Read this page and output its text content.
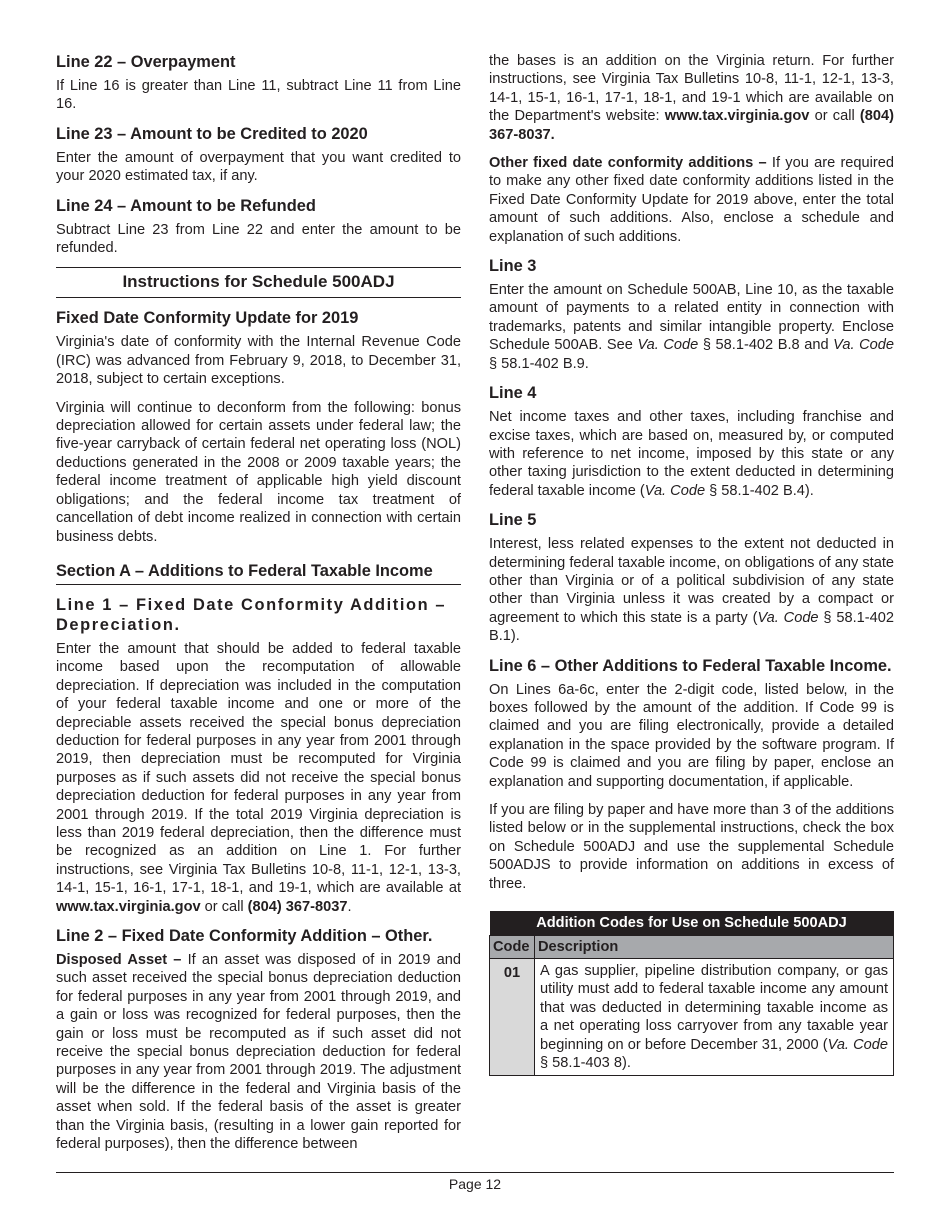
Line 22 – Overpayment

If Line 16 is greater than Line 11, subtract Line 11 from Line 16.

Line 23 – Amount to be Credited to 2020

Enter the amount of overpayment that you want credited to your 2020 estimated tax, if any.

Line 24 – Amount to be Refunded

Subtract Line 23 from Line 22 and enter the amount to be refunded.

Instructions for Schedule 500ADJ
Fixed Date Conformity Update for 2019

Virginia's date of conformity with the Internal Revenue Code (IRC) was advanced from February 9, 2018, to December 31, 2018, subject to certain exceptions.

Virginia will continue to deconform from the following: bonus depreciation allowed for certain assets under federal law; the five-year carryback of certain federal net operating loss (NOL) deductions generated in the 2008 or 2009 taxable years; the federal income treatment of applicable high yield discount obligations; and the federal income tax treatment of cancellation of debt income realized in connection with certain business debts.

Section A – Additions to Federal Taxable Income
Line 1 – Fixed Date Conformity Addition – Depreciation.

Enter the amount that should be added to federal taxable income based upon the recomputation of allowable depreciation. If depreciation was included in the computation of your federal taxable income and one or more of the depreciable assets received the special bonus depreciation deduction for federal purposes in any year from 2001 through 2019, then depreciation must be recomputed for Virginia purposes as if such assets did not receive the special bonus depreciation deduction for federal purposes in any year from 2001 through 2019. If the total 2019 Virginia depreciation is less than 2019 federal depreciation, then the difference must be recognized as an addition on Line 1. For further instructions, see Virginia Tax Bulletins 10-8, 11-1, 12-1, 13-3, 14-1, 15-1, 16-1, 17-1, 18-1, and 19-1, which are available at www.tax.virginia.gov or call (804) 367-8037.

Line 2 – Fixed Date Conformity Addition – Other.

Disposed Asset – If an asset was disposed of in 2019 and such asset received the special bonus depreciation deduction for federal purposes in any year from 2001 through 2019, and a gain or loss was recognized for federal purposes, then the gain or loss must be recomputed as if such asset did not receive the special bonus depreciation deduction for federal purposes in any year from 2001 through 2019. The adjustment will be the difference in the federal and Virginia basis of the asset when sold. If the federal basis of the asset is greater than the Virginia basis, (resulting in a lower gain reported for federal purposes), then the difference between

the bases is an addition on the Virginia return. For further instructions, see Virginia Tax Bulletins 10-8, 11-1, 12-1, 13-3, 14-1, 15-1, 16-1, 17-1, 18-1, and 19-1 which are available on the Department's website: www.tax.virginia.gov or call (804) 367-8037.

Other fixed date conformity additions – If you are required to make any other fixed date conformity additions listed in the Fixed Date Conformity Update for 2019 above, enter the total amount of such additions. Also, enclose a schedule and explanation of such additions.

Line 3

Enter the amount on Schedule 500AB, Line 10, as the taxable amount of payments to a related entity in connection with trademarks, patents and similar intangible property. Enclose Schedule 500AB. See Va. Code § 58.1-402 B.8 and Va. Code § 58.1-402 B.9.

Line 4

Net income taxes and other taxes, including franchise and excise taxes, which are based on, measured by, or computed with reference to net income, imposed by this state or any other taxing jurisdiction to the extent deducted in determining federal taxable income (Va. Code § 58.1-402 B.4).

Line 5

Interest, less related expenses to the extent not deducted in determining federal taxable income, on obligations of any state other than Virginia or of a political subdivision of any state other than Virginia unless it was created by a compact or agreement to which this state is a party (Va. Code § 58.1-402 B.1).

Line 6 – Other Additions to Federal Taxable Income.

On Lines 6a-6c, enter the 2-digit code, listed below, in the boxes followed by the amount of the addition. If Code 99 is claimed and you are filing electronically, provide a detailed explanation in the space provided by the software program. If Code 99 is claimed and you are filing by paper, enclose an explanation and supporting documentation, if applicable.

If you are filing by paper and have more than 3 of the additions listed below or in the supplemental instructions, check the box on Schedule 500ADJ and use the supplemental Schedule 500ADJS to provide information on additions in excess of three.

Addition Codes for Use on Schedule 500ADJ	
Code	Description
01	A gas supplier, pipeline distribution company, or gas utility must add to federal taxable income any amount that was deducted in determining taxable income as a net operating loss carryover from any taxable year beginning on or before December 31, 2000 (Va. Code § 58.1-403 8).
Page 12
